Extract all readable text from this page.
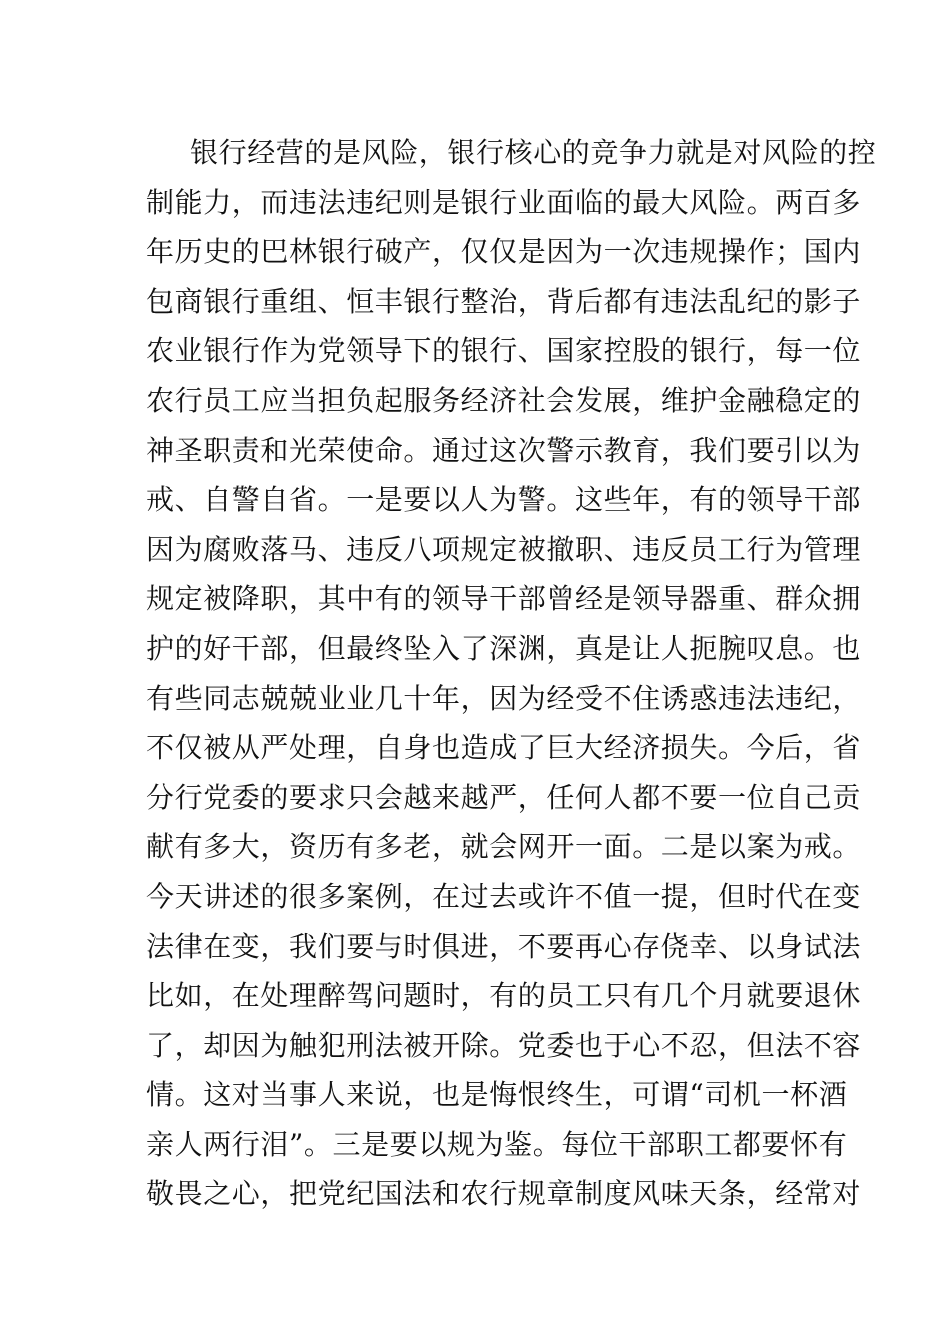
银行经营的是风险，银行核心的竞争力就是对风险的控
制能力，而违法违纪则是银行业面临的最大风险。两百多
年历史的巴林银行破产，仅仅是因为一次违规操作；国内
包商银行重组、恒丰银行整治，背后都有违法乱纪的影子
农业银行作为党领导下的银行、国家控股的银行，每一位
农行员工应当担负起服务经济社会发展，维护金融稳定的
神圣职责和光荣使命。通过这次警示教育，我们要引以为
戒、自警自省。一是要以人为警。这些年，有的领导干部
因为腐败落马、违反八项规定被撤职、违反员工行为管理
规定被降职，其中有的领导干部曾经是领导器重、群众拥
护的好干部，但最终坠入了深渊，真是让人扼腕叹息。也
有些同志兢兢业业几十年，因为经受不住诱惑违法违纪，
不仅被从严处理，自身也造成了巨大经济损失。今后，省
分行党委的要求只会越来越严，任何人都不要一位自己贡
献有多大，资历有多老，就会网开一面。二是以案为戒。
今天讲述的很多案例，在过去或许不值一提，但时代在变
法律在变，我们要与时俱进，不要再心存侥幸、以身试法
比如，在处理醉驾问题时，有的员工只有几个月就要退休
了，却因为触犯刑法被开除。党委也于心不忍，但法不容
情。这对当事人来说，也是悔恨终生，可谓“司机一杯酒
亲人两行泪”。三是要以规为鉴。每位干部职工都要怀有
敬畏之心，把党纪国法和农行规章制度风味天条，经常对
